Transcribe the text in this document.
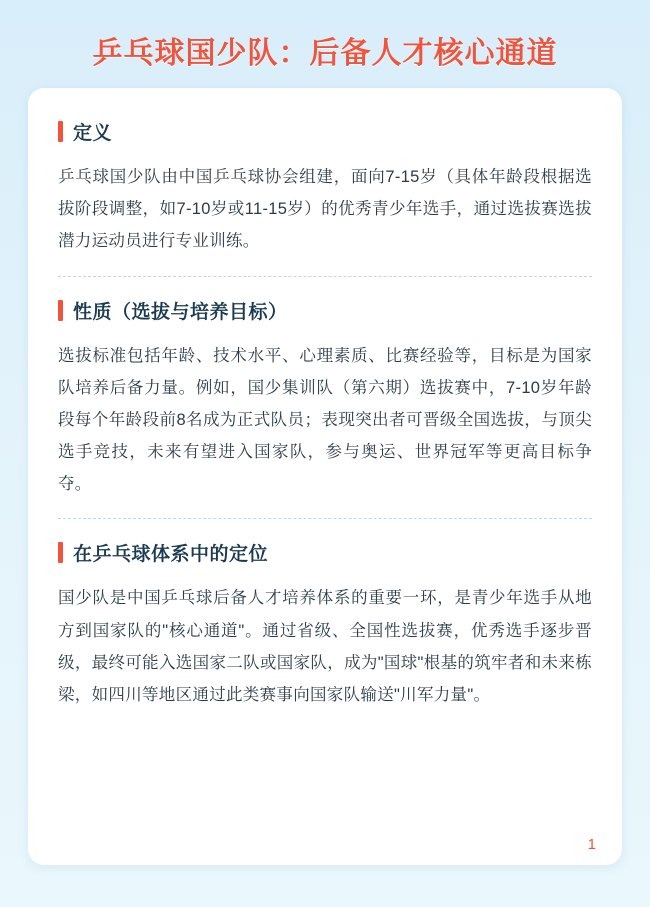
乒乓球国少队：后备人才核心通道
定义

乒乓球国少队由中国乒乓球协会组建，面向7-15岁（具体年龄段根据选拔阶段调整，如7-10岁或11-15岁）的优秀青少年选手，通过选拔赛选拔潜力运动员进行专业训练。

性质（选拔与培养目标）

选拔标准包括年龄、技术水平、心理素质、比赛经验等，目标是为国家队培养后备力量。例如，国少集训队（第六期）选拔赛中，7-10岁年龄段每个年龄段前8名成为正式队员；表现突出者可晋级全国选拔，与顶尖选手竞技，未来有望进入国家队，参与奥运、世界冠军等更高目标争夺。

在乒乓球体系中的定位

国少队是中国乒乓球后备人才培养体系的重要一环，是青少年选手从地方到国家队的"核心通道"。通过省级、全国性选拔赛，优秀选手逐步晋级，最终可能入选国家二队或国家队，成为"国球"根基的筑牢者和未来栋梁，如四川等地区通过此类赛事向国家队输送"川军力量"。

1
